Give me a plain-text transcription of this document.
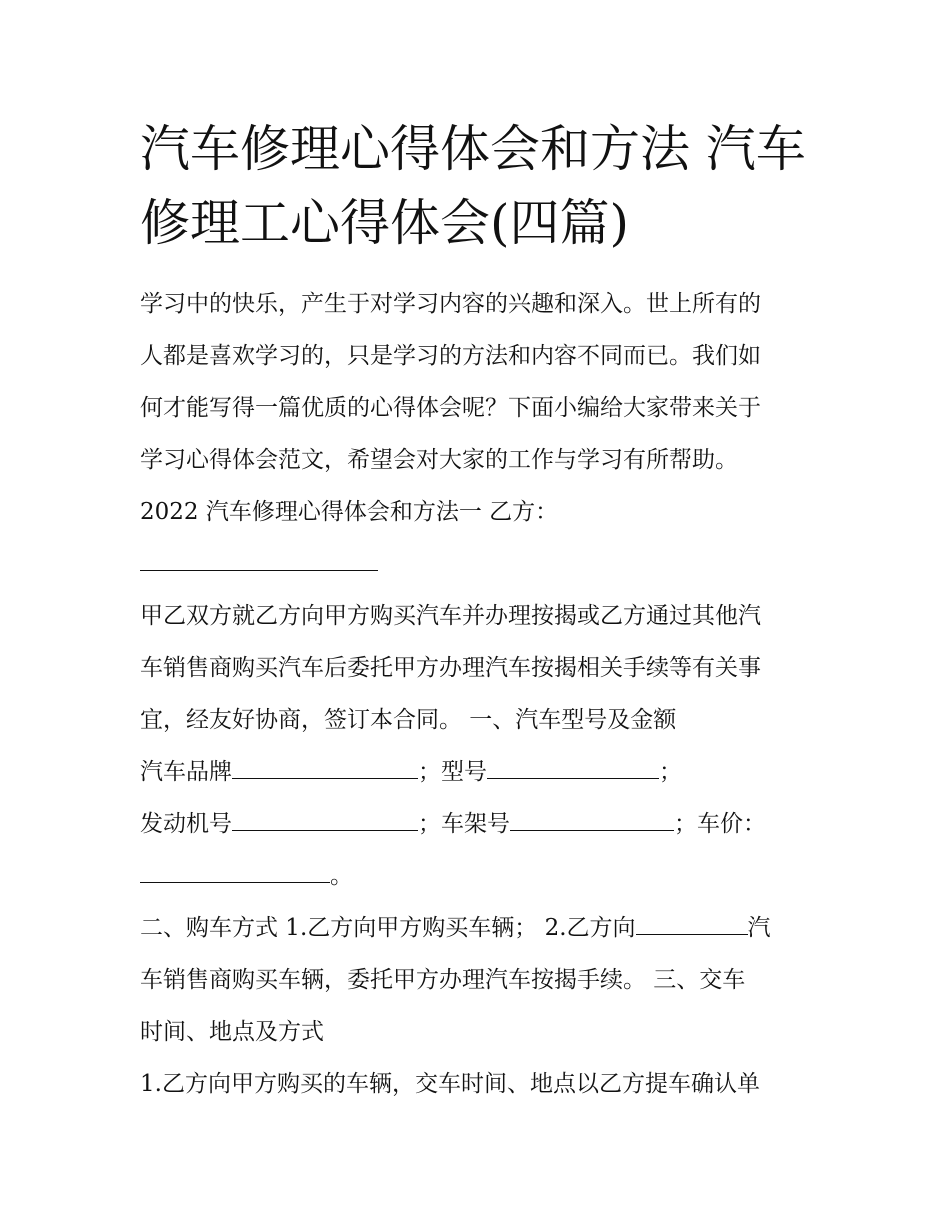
汽车修理心得体会和方法 汽车
修理工心得体会(四篇)
学习中的快乐，产生于对学习内容的兴趣和深入。世上所有的
人都是喜欢学习的，只是学习的方法和内容不同而已。我们如
何才能写得一篇优质的心得体会呢？下面小编给大家带来关于
学习心得体会范文，希望会对大家的工作与学习有所帮助。
2022 汽车修理心得体会和方法一 乙方：
甲乙双方就乙方向甲方购买汽车并办理按揭或乙方通过其他汽
车销售商购买汽车后委托甲方办理汽车按揭相关手续等有关事
宜，经友好协商，签订本合同。 一、汽车型号及金额
汽车品牌	；型号	；
发动机号	；车架号	；车价：
。
二、购车方式 1.乙方向甲方购买车辆； 2.乙方向	汽
车销售商购买车辆，委托甲方办理汽车按揭手续。 三、交车
时间、地点及方式
1.乙方向甲方购买的车辆，交车时间、地点以乙方提车确认单
